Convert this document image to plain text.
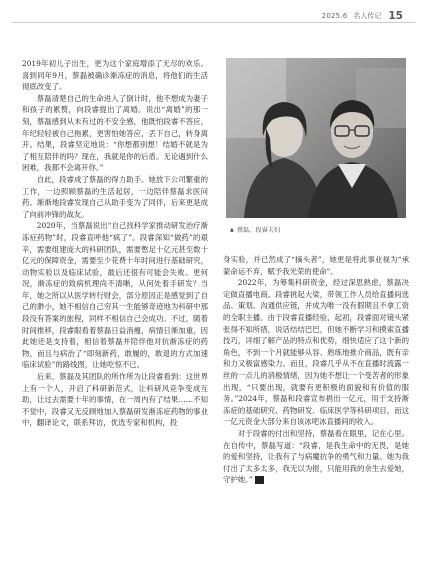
2025.6 名人传记 15

2019年初儿子出生，更为这个家庭增添了无尽的欢乐。喜到同年9月，蔡磊被确诊渐冻症的消息，将他们的生活彻底改变了。

蔡磊清楚自己的生命进入了倒计时，他不想成为妻子和孩子的累赘，向段睿提出了离婚。说出“离婚”的那一刻，蔡磊感到从未有过的不安全感，他既怕段睿不答应，年纪轻轻被自己拖累，更害怕她答应，丢下自己，转身离开。结果，段睿坚定地说：“你想都别想！结婚不就是为了相互陪伴的吗？现在，我就是你的后盾。无论遇到什么困难，我都不会离开你。”

自此，段睿成了蔡磊的得力助手。她放下公司繁重的工作，一边照顾蔡磊的生活起居，一边陪伴蔡磊求医问药。渐渐地段睿发现自己从助手变为了同伴，后来更是成了向前冲锋的战友。

2020年，当蔡磊说出“自己找科学家推动研发治疗渐冻症药物”时，段睿直呼他“疯了”。段睿深知“做药”的艰辛，需要组建庞大的科研团队，需要憋足十亿元甚至数十亿元的保障资金，需要至少花费十年时间进行基础研究，动物实验以及临床试验，最后还很有可能会失败。更何况，渐冻症的致病机理尚不清晰，从何处着手研发？当年，她之所以从医学转行财会，部分原因正是感觉到了自己的渺小，她不相信自己穷其一生能够奇迹地为科研中那段没有答案的旅程，同样不相信自己会成功。不过，随着时间推移，段睿眼看着蔡磊日益消瘦，病情日渐加重，因此她还是支持着，相信着蔡磊并陪伴他对抗渐冻症的药物，而且与病治了“即刻新药，敢履的，敢退的方式加速临床试验”的路线图，让她吃惊不已。

后来，蔡磊及其团队的所作所为让段睿看到：这世界上有一个人，开启了科研新范式，让科研风竞争变成互助，让过去需要十年的事情，在一周内有了结果……不知不觉中，段睿又无反顾地加入蔡磊研发渐冻症药物的事业中，翻译论文，联系拜访，优选专家和机构，投

▲ 蔡磊、段睿夫妇

身实验，并已然成了“摘头者”，她更是将此事业视为“承蒙命运不弃，赋予我光荣的使命”。

2022年，为筹集科研资金，经过深思熟虑，蔡磊决定做直播电商。段睿挑起大梁，带领工作人员给直播间选品、策划、沟通供应链，并成为唯一没有假期且不拿工资的全职主播。由于段睿直播经验，起初，段睿面对镜头紧张得不知所措，说话结结巴巴，但她不断学习和摸索直播技巧，详细了解产品的特点和优势，细快适应了这个新的角色，不到一个月就能够从容、熟练地推介商品，既有亲和力又极富感染力。而且，段睿几乎从不在直播时流露一丝的一点儿的消极情绪，因为她不想让一个受苦者的形象出现，“只要出现，就要有更积极的面貌和有价值的服务。”2024年，蔡磊和段睿宣布捐出一亿元，用于支持渐冻症的基础研究、药物研发、临床医学等科研项目，而这一亿元资金大部分来自该冰吧冰直播间的收入。

对于段睿的付出和坚持，蔡磊看在眼里，记在心里。在自传中，蔡磊写道：“段睿，是我生命中的无畏，是她的爱和坚持，让我有了与病魔抗争的勇气和力量。她为我付出了太多太多，我无以为报，只能用我的余生去爱她，守护她。”	Z
